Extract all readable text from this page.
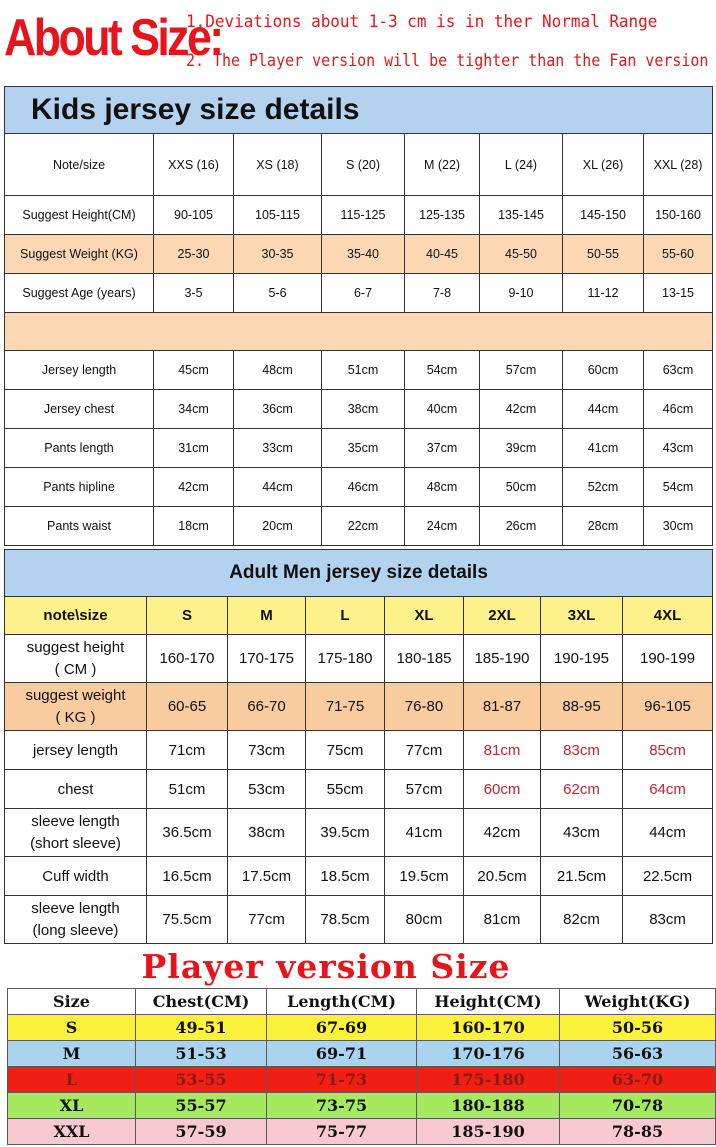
About Size:
1.Deviations about 1-3 cm is in ther Normal Range
2. The Player version will be tighter than the Fan version
Kids jersey size details							
Note/size	XXS (16)	XS (18)	S (20)	M (22)	L (24)	XL (26)	XXL (28)
Suggest Height(CM)	90-105	105-115	115-125	125-135	135-145	145-150	150-160
Suggest Weight (KG)	25-30	30-35	35-40	40-45	45-50	50-55	55-60
Suggest Age (years)	3-5	5-6	6-7	7-8	9-10	11-12	13-15

Jersey length	45cm	48cm	51cm	54cm	57cm	60cm	63cm
Jersey chest	34cm	36cm	38cm	40cm	42cm	44cm	46cm
Pants length	31cm	33cm	35cm	37cm	39cm	41cm	43cm
Pants hipline	42cm	44cm	46cm	48cm	50cm	52cm	54cm
Pants waist	18cm	20cm	22cm	24cm	26cm	28cm	30cm
Adult Men jersey size details							
note\size	S	M	L	XL	2XL	3XL	4XL
suggest height
( CM )	160-170	170-175	175-180	180-185	185-190	190-195	190-199
suggest weight
( KG )	60-65	66-70	71-75	76-80	81-87	88-95	96-105
jersey length	71cm	73cm	75cm	77cm	81cm	83cm	85cm
chest	51cm	53cm	55cm	57cm	60cm	62cm	64cm
sleeve length
(short sleeve)	36.5cm	38cm	39.5cm	41cm	42cm	43cm	44cm
Cuff width	16.5cm	17.5cm	18.5cm	19.5cm	20.5cm	21.5cm	22.5cm
sleeve length
(long sleeve)	75.5cm	77cm	78.5cm	80cm	81cm	82cm	83cm
Player version Size
Size	Chest(CM)	Length(CM)	Height(CM)	Weight(KG)
S	49-51	67-69	160-170	50-56
M	51-53	69-71	170-176	56-63
L	53-55	71-73	175-180	63-70
XL	55-57	73-75	180-188	70-78
XXL	57-59	75-77	185-190	78-85
